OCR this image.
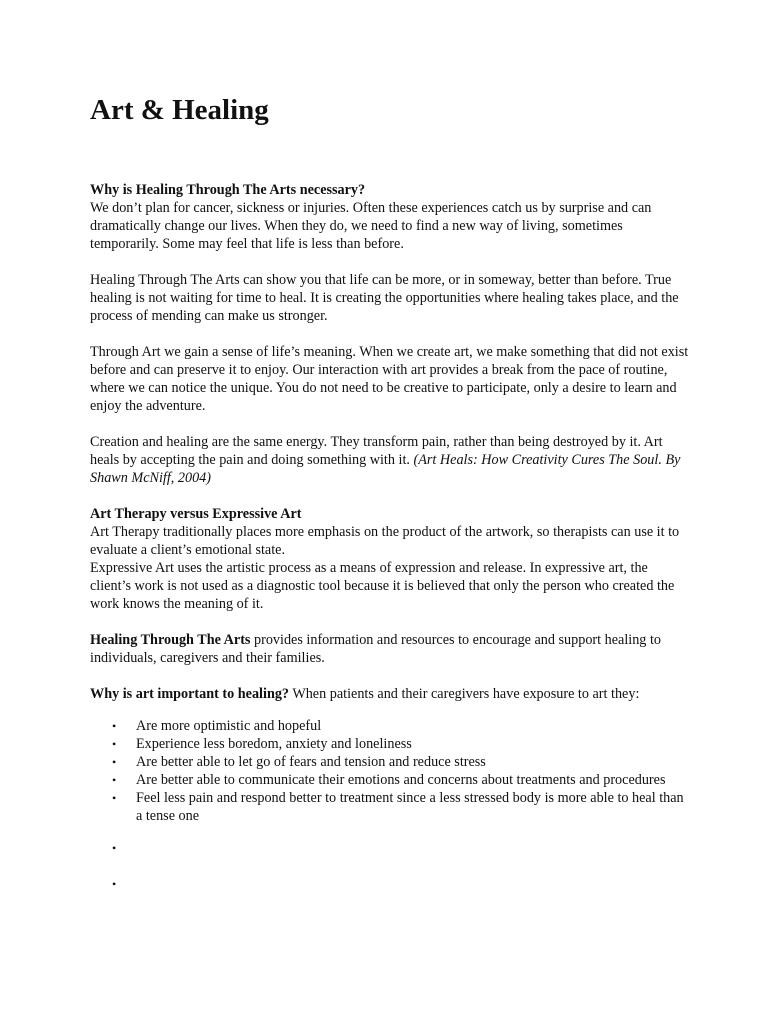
Art & Healing

Why is Healing Through The Arts necessary?
We don’t plan for cancer, sickness or injuries. Often these experiences catch us by surprise and can dramatically change our lives. When they do, we need to find a new way of living, sometimes temporarily. Some may feel that life is less than before.

Healing Through The Arts can show you that life can be more, or in someway, better than before. True healing is not waiting for time to heal. It is creating the opportunities where healing takes place, and the process of mending can make us stronger.

Through Art we gain a sense of life’s meaning. When we create art, we make something that did not exist before and can preserve it to enjoy. Our interaction with art provides a break from the pace of routine, where we can notice the unique. You do not need to be creative to participate, only a desire to learn and enjoy the adventure.

Creation and healing are the same energy. They transform pain, rather than being destroyed by it. Art heals by accepting the pain and doing something with it. (Art Heals: How Creativity Cures The Soul. By Shawn McNiff, 2004)

Art Therapy versus Expressive Art
Art Therapy traditionally places more emphasis on the product of the artwork, so therapists can use it to evaluate a client’s emotional state.
Expressive Art uses the artistic process as a means of expression and release. In expressive art, the client’s work is not used as a diagnostic tool because it is believed that only the person who created the work knows the meaning of it.

Healing Through The Arts provides information and resources to encourage and support healing to individuals, caregivers and their families.

Why is art important to healing? When patients and their caregivers have exposure to art they:

• Are more optimistic and hopeful
• Experience less boredom, anxiety and loneliness
• Are better able to let go of fears and tension and reduce stress
• Are better able to communicate their emotions and concerns about treatments and procedures
• Feel less pain and respond better to treatment since a less stressed body is more able to heal than a tense one
•
•
